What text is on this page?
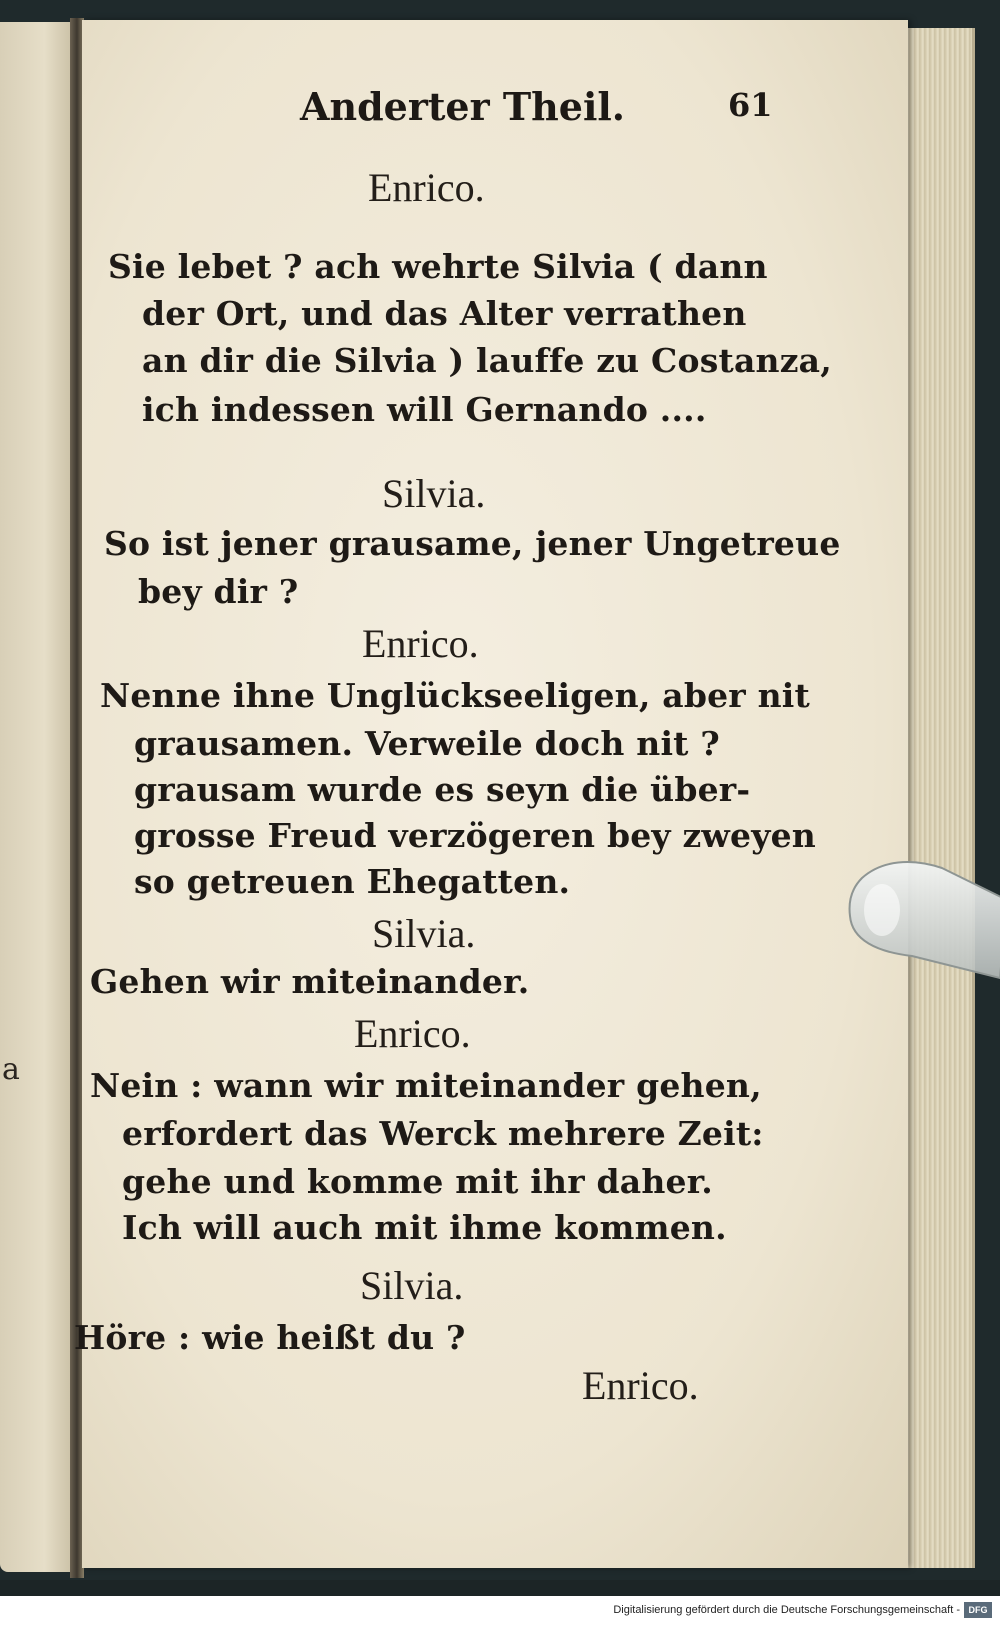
a
Anderter Theil.	61
Enrico.
Sie lebet ? ach wehrte Silvia ( dann
der Ort, und das Alter verrathen
an dir die Silvia ) lauffe zu Costanza,
ich indessen will Gernando ....
Silvia.
So ist jener grausame, jener Ungetreue
bey dir ?
Enrico.
Nenne ihne Unglückseeligen, aber nit
grausamen. Verweile doch nit ?
grausam wurde es seyn die über-
grosse Freud verzögeren bey zweyen
so getreuen Ehegatten.
Silvia.
Gehen wir miteinander.
Enrico.
Nein : wann wir miteinander gehen,
erfordert das Werck mehrere Zeit:
gehe und komme mit ihr daher.
Ich will auch mit ihme kommen.
Silvia.
Höre : wie heißt du ?
Enrico.
Digitalisierung gefördert durch die Deutsche Forschungsgemeinschaft - DFG
